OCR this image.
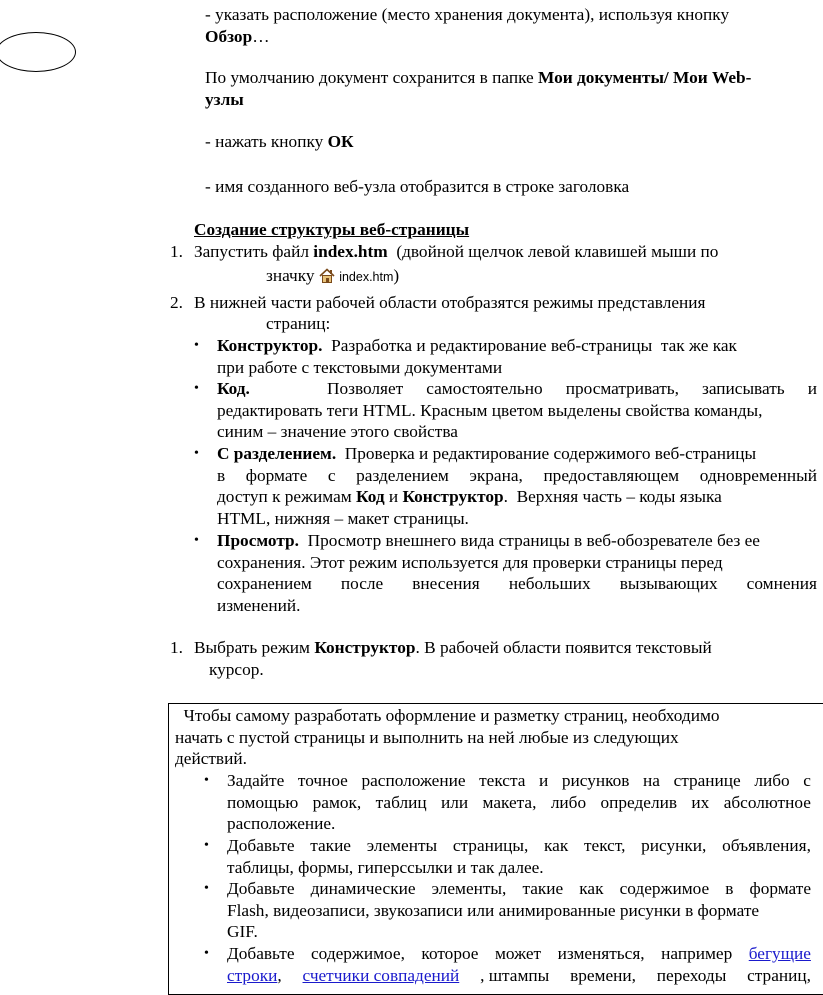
- указать расположение (место хранения документа), используя кнопку
Обзор…
По умолчанию документ сохранится в папке Мои документы/ Мои Web-
узлы
- нажать кнопку ОК
- имя созданного веб-узла отобразится в строке заголовка
Создание структуры веб-страницы
1. Запустить файл index.htm  (двойной щелчок левой клавишей мыши по
значку  index.htm)
2. В нижней части рабочей области отобразятся режимы представления
страниц:
• Конструктор.  Разработка и редактирование веб-страницы  так же как
при работе с текстовыми документами
• Код.	Позволяет самостоятельно просматривать, записывать и
редактировать теги HTML. Красным цветом выделены свойства команды,
синим – значение этого свойства
• С разделением.  Проверка и редактирование содержимого веб-страницы
в формате с разделением экрана, предоставляющем одновременный
доступ к режимам Код и Конструктор.  Верхняя часть – коды языка
HTML, нижняя – макет страницы.
• Просмотр.  Просмотр внешнего вида страницы в веб-обозревателе без ее
сохранения. Этот режим используется для проверки страницы перед
сохранением после внесения небольших вызывающих сомнения
изменений.
1. Выбрать режим Конструктор. В рабочей области появится текстовый
курсор.
Чтобы самому разработать оформление и разметку страниц, необходимо
начать с пустой страницы и выполнить на ней любые из следующих
действий.
• Задайте точное расположение текста и рисунков на странице либо с
помощью рамок, таблиц или макета, либо определив их абсолютное
расположение.
• Добавьте такие элементы страницы, как текст, рисунки, объявления,
таблицы, формы, гиперссылки и так далее.
• Добавьте динамические элементы, такие как содержимое в формате
Flash, видеозаписи, звукозаписи или анимированные рисунки в формате
GIF.
• Добавьте содержимое, которое может изменяться, например бегущие
строки, счетчики совпадений , штампы времени, переходы страниц,
